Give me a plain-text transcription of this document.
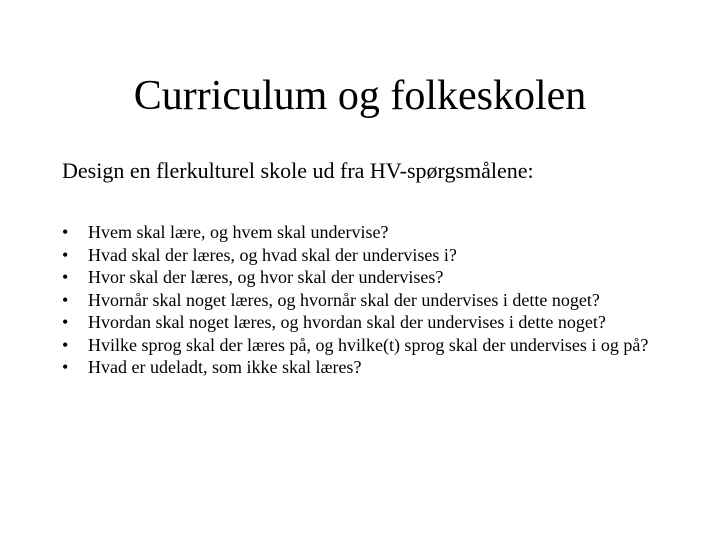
Curriculum og folkeskolen
Design en flerkulturel skole ud fra HV-spørgsmålene:
•	Hvem skal lære, og hvem skal undervise?
•	Hvad skal der læres, og hvad skal der undervises i?
•	Hvor skal der læres, og hvor skal der undervises?
•	Hvornår skal noget læres, og hvornår skal der undervises i dette noget?
•	Hvordan skal noget læres, og hvordan skal der undervises i dette noget?
•	Hvilke sprog skal der læres på, og hvilke(t) sprog skal der undervises i og på?
•	Hvad er udeladt, som ikke skal læres?
